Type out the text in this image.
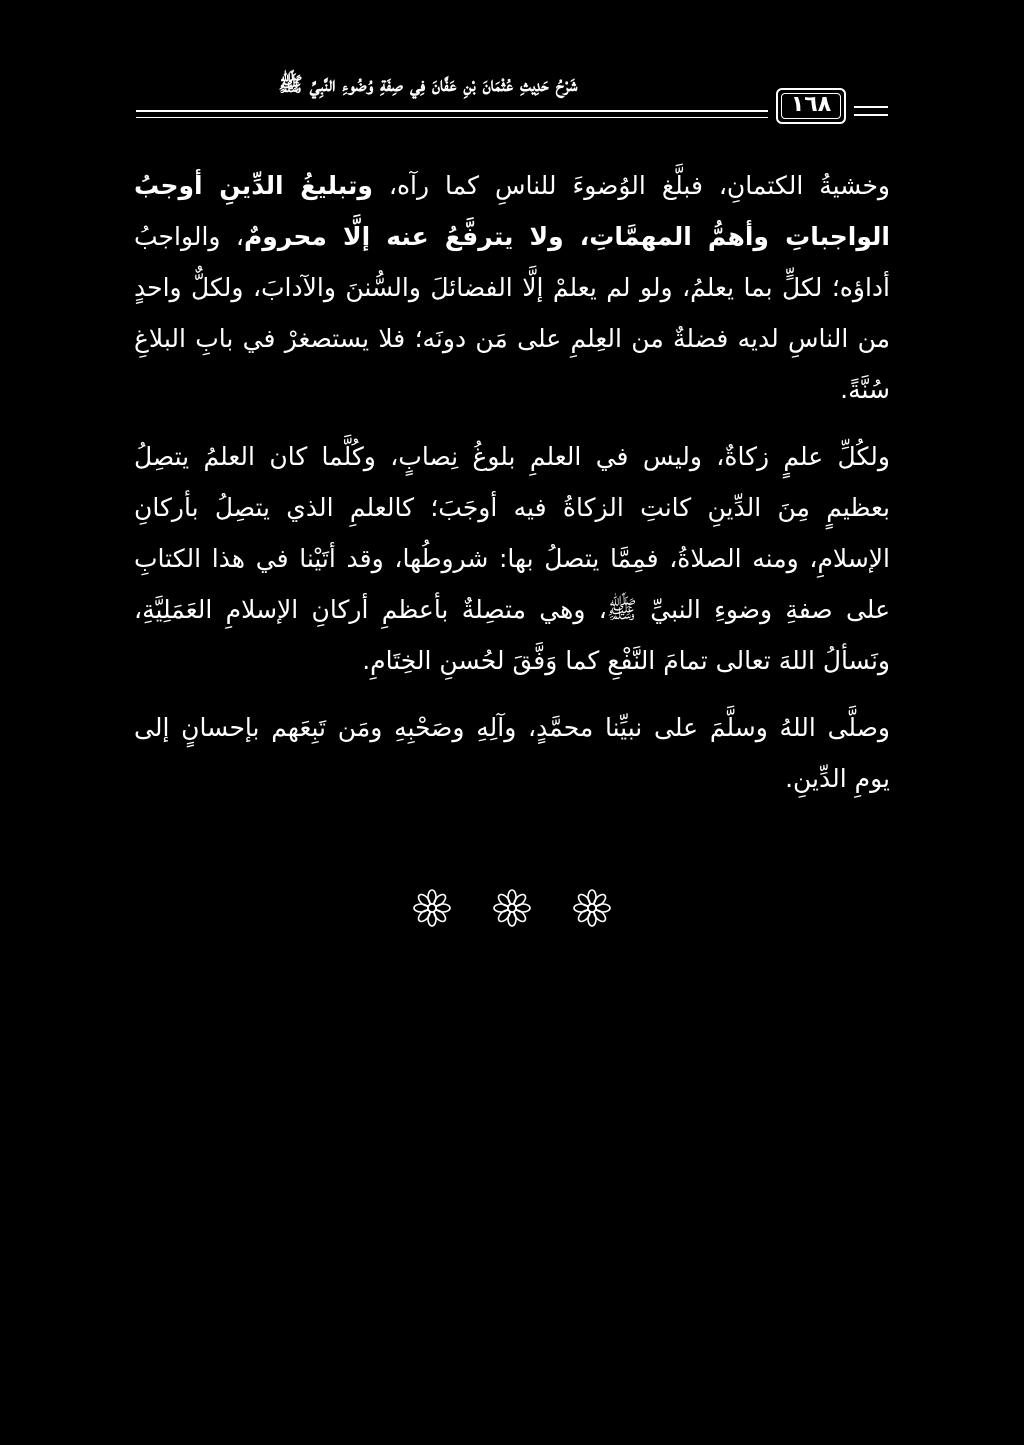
شَرْحُ حَدِيثِ عُثْمَانَ بْنِ عَفَّانَ فِي صِفَةِ وُضُوءِ النَّبِيِّ ﷺ
١٦٨

وخشيةُ الكتمانِ، فبلَّغ الوُضوءَ للناسِ كما رآه، وتبليغُ الدِّينِ أوجبُ الواجباتِ وأهمُّ المهمَّاتِ، ولا يترفَّعُ عنه إلَّا محرومٌ، والواجبُ أداؤه؛ لكلٍّ بما يعلمُ، ولو لم يعلمْ إلَّا الفضائلَ والسُّننَ والآدابَ، ولكلٌّ واحدٍ من الناسِ لديه فضلةٌ من العِلمِ على مَن دونَه؛ فلا يستصغرْ في بابِ البلاغِ سُنَّةً.

ولكُلِّ علمٍ زكاةٌ، وليس في العلمِ بلوغُ نِصابٍ، وكُلَّما كان العلمُ يتصِلُ بعظيمٍ مِنَ الدِّينِ كانتِ الزكاةُ فيه أوجَبَ؛ كالعلمِ الذي يتصِلُ بأركانِ الإسلامِ، ومنه الصلاةُ، فمِمَّا يتصلُ بها: شروطُها، وقد أتَيْنا في هذا الكتابِ على صفةِ وضوءِ النبيِّ ﷺ، وهي متصِلةٌ بأعظمِ أركانِ الإسلامِ العَمَلِيَّةِ، ونَسألُ اللهَ تعالى تمامَ النَّفْعِ كما وَفَّقَ لحُسنِ الخِتَامِ.

وصلَّى اللهُ وسلَّمَ على نبيِّنا محمَّدٍ، وآلِهِ وصَحْبِهِ ومَن تَبِعَهم بإحسانٍ إلى يومِ الدِّينِ.
